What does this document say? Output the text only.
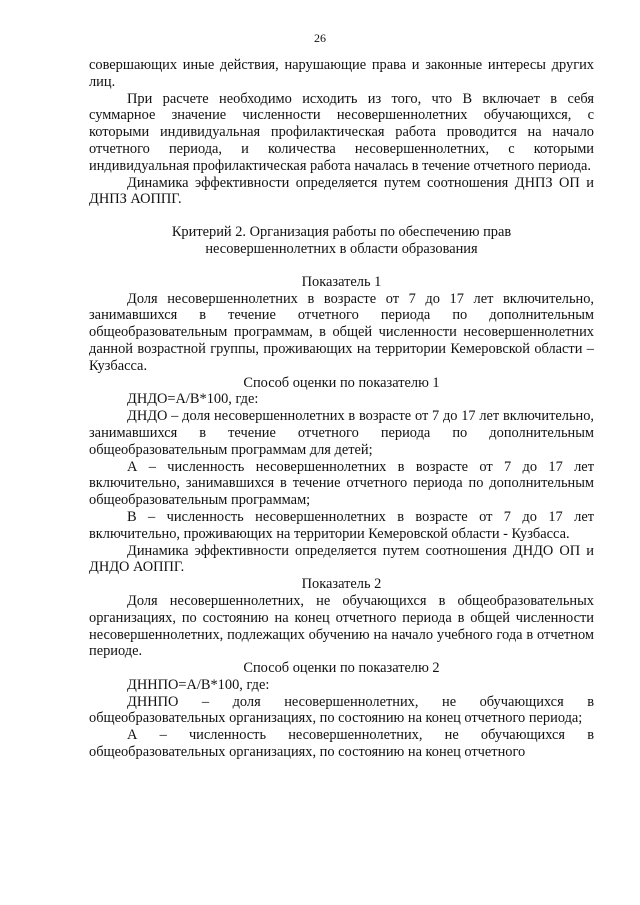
26

совершающих иные действия, нарушающие права и законные интересы других лиц.

При расчете необходимо исходить из того, что В включает в себя суммарное значение численности несовершеннолетних обучающихся, с которыми индивидуальная профилактическая работа проводится на начало отчетного периода, и количества несовершеннолетних, с которыми индивидуальная профилактическая работа началась в течение отчетного периода.

Динамика эффективности определяется путем соотношения ДНПЗ ОП и ДНПЗ АОППГ.

Критерий 2. Организация работы по обеспечению прав

несовершеннолетних в области образования

Показатель 1

Доля несовершеннолетних в возрасте от 7 до 17 лет включительно, занимавшихся в течение отчетного периода по дополнительным общеобразовательным программам, в общей численности несовершеннолетних данной возрастной группы, проживающих на территории Кемеровской области – Кузбасса.

Способ оценки по показателю 1

ДНДО=А/В*100, где:

ДНДО – доля несовершеннолетних в возрасте от 7 до 17 лет включительно, занимавшихся в течение отчетного периода по дополнительным общеобразовательным программам для детей;

А – численность несовершеннолетних в возрасте от 7 до 17 лет включительно, занимавшихся в течение отчетного периода по дополнительным общеобразовательным программам;

В – численность несовершеннолетних в возрасте от 7 до 17 лет включительно, проживающих на территории Кемеровской области - Кузбасса.

Динамика эффективности определяется путем соотношения ДНДО ОП и ДНДО АОППГ.

Показатель 2

Доля несовершеннолетних, не обучающихся в общеобразовательных организациях, по состоянию на конец отчетного периода в общей численности несовершеннолетних, подлежащих обучению на начало учебного года в отчетном периоде.

Способ оценки по показателю 2

ДННПО=А/В*100, где:

ДННПО – доля несовершеннолетних, не обучающихся в общеобразовательных организациях, по состоянию на конец отчетного периода;

А – численность несовершеннолетних, не обучающихся в общеобразовательных организациях, по состоянию на конец отчетного
